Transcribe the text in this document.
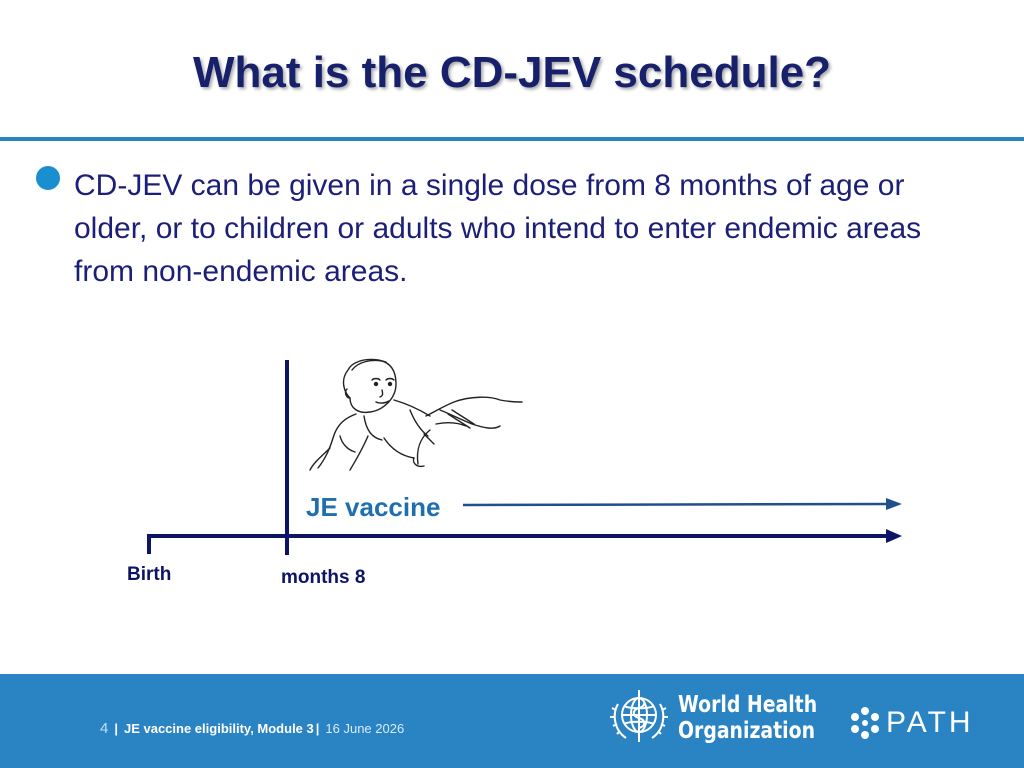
What is the CD-JEV schedule?
CD-JEV can be given in a single dose from 8 months of age or older, or to children or adults who intend to enter endemic areas from non-endemic areas.
JE vaccine
Birth	months 8
4 | JE vaccine eligibility, Module 3 | 16 June 2026
World Health
Organization PATH
